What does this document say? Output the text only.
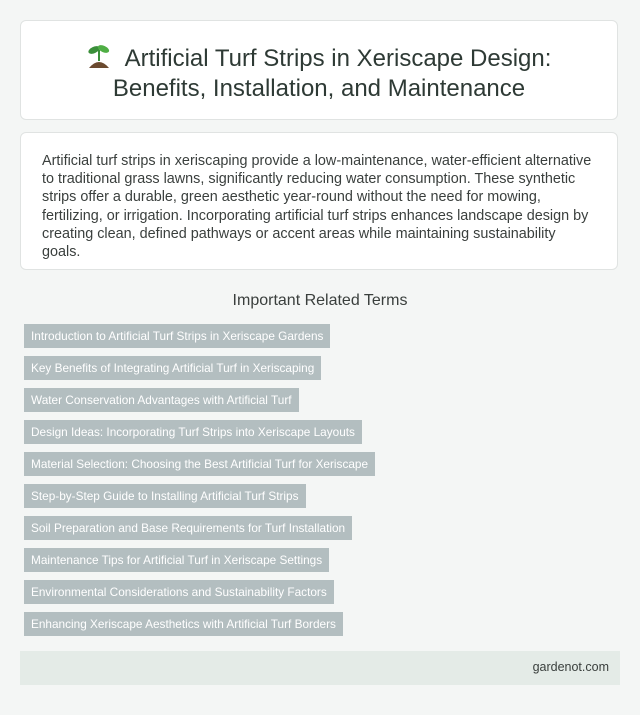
Artificial Turf Strips in Xeriscape Design:
Benefits, Installation, and Maintenance
Artificial turf strips in xeriscaping provide a low-maintenance, water-efficient alternative to traditional grass lawns, significantly reducing water consumption. These synthetic strips offer a durable, green aesthetic year-round without the need for mowing, fertilizing, or irrigation. Incorporating artificial turf strips enhances landscape design by creating clean, defined pathways or accent areas while maintaining sustainability goals.
Important Related Terms
Introduction to Artificial Turf Strips in Xeriscape Gardens
Key Benefits of Integrating Artificial Turf in Xeriscaping
Water Conservation Advantages with Artificial Turf
Design Ideas: Incorporating Turf Strips into Xeriscape Layouts
Material Selection: Choosing the Best Artificial Turf for Xeriscape
Step-by-Step Guide to Installing Artificial Turf Strips
Soil Preparation and Base Requirements for Turf Installation
Maintenance Tips for Artificial Turf in Xeriscape Settings
Environmental Considerations and Sustainability Factors
Enhancing Xeriscape Aesthetics with Artificial Turf Borders
gardenot.com
